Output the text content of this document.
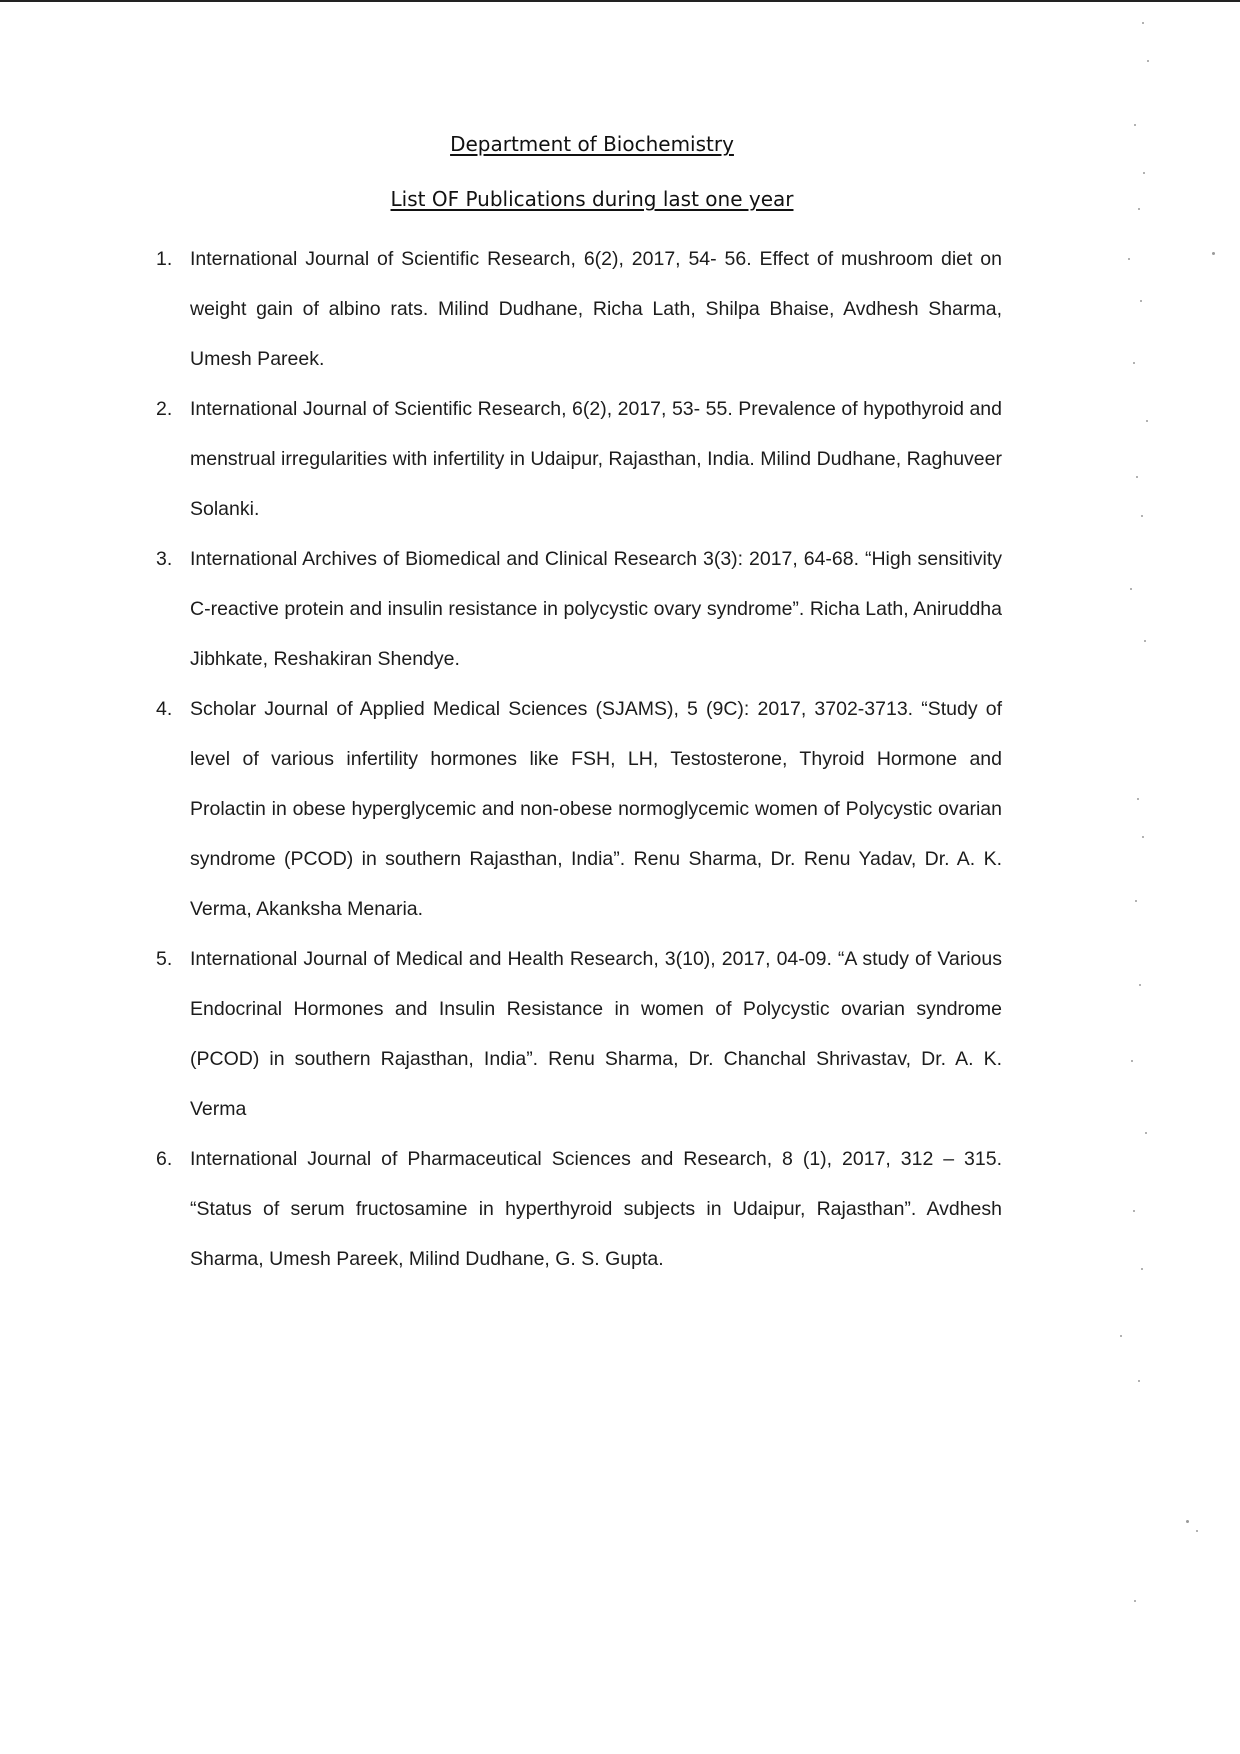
Department of Biochemistry
List OF Publications during last one year
1. International Journal of Scientific Research, 6(2), 2017, 54- 56. Effect of mushroom diet on weight gain of albino rats. Milind Dudhane, Richa Lath, Shilpa Bhaise, Avdhesh Sharma, Umesh Pareek.
2. International Journal of Scientific Research, 6(2), 2017, 53- 55. Prevalence of hypothyroid and menstrual irregularities with infertility in Udaipur, Rajasthan, India. Milind Dudhane, Raghuveer Solanki.
3. International Archives of Biomedical and Clinical Research 3(3): 2017, 64-68. “High sensitivity C-reactive protein and insulin resistance in polycystic ovary syndrome”. Richa Lath, Aniruddha Jibhkate, Reshakiran Shendye.
4. Scholar Journal of Applied Medical Sciences (SJAMS), 5 (9C): 2017, 3702-3713. “Study of level of various infertility hormones like FSH, LH, Testosterone, Thyroid Hormone and Prolactin in obese hyperglycemic and non-obese normoglycemic women of Polycystic ovarian syndrome (PCOD) in southern Rajasthan, India”. Renu Sharma, Dr. Renu Yadav, Dr. A. K. Verma, Akanksha Menaria.
5. International Journal of Medical and Health Research, 3(10), 2017, 04-09. “A study of Various Endocrinal Hormones and Insulin Resistance in women of Polycystic ovarian syndrome (PCOD) in southern Rajasthan, India”. Renu Sharma, Dr. Chanchal Shrivastav, Dr. A. K. Verma
6. International Journal of Pharmaceutical Sciences and Research, 8 (1), 2017, 312 – 315. “Status of serum fructosamine in hyperthyroid subjects in Udaipur, Rajasthan”. Avdhesh Sharma, Umesh Pareek, Milind Dudhane, G. S. Gupta.
